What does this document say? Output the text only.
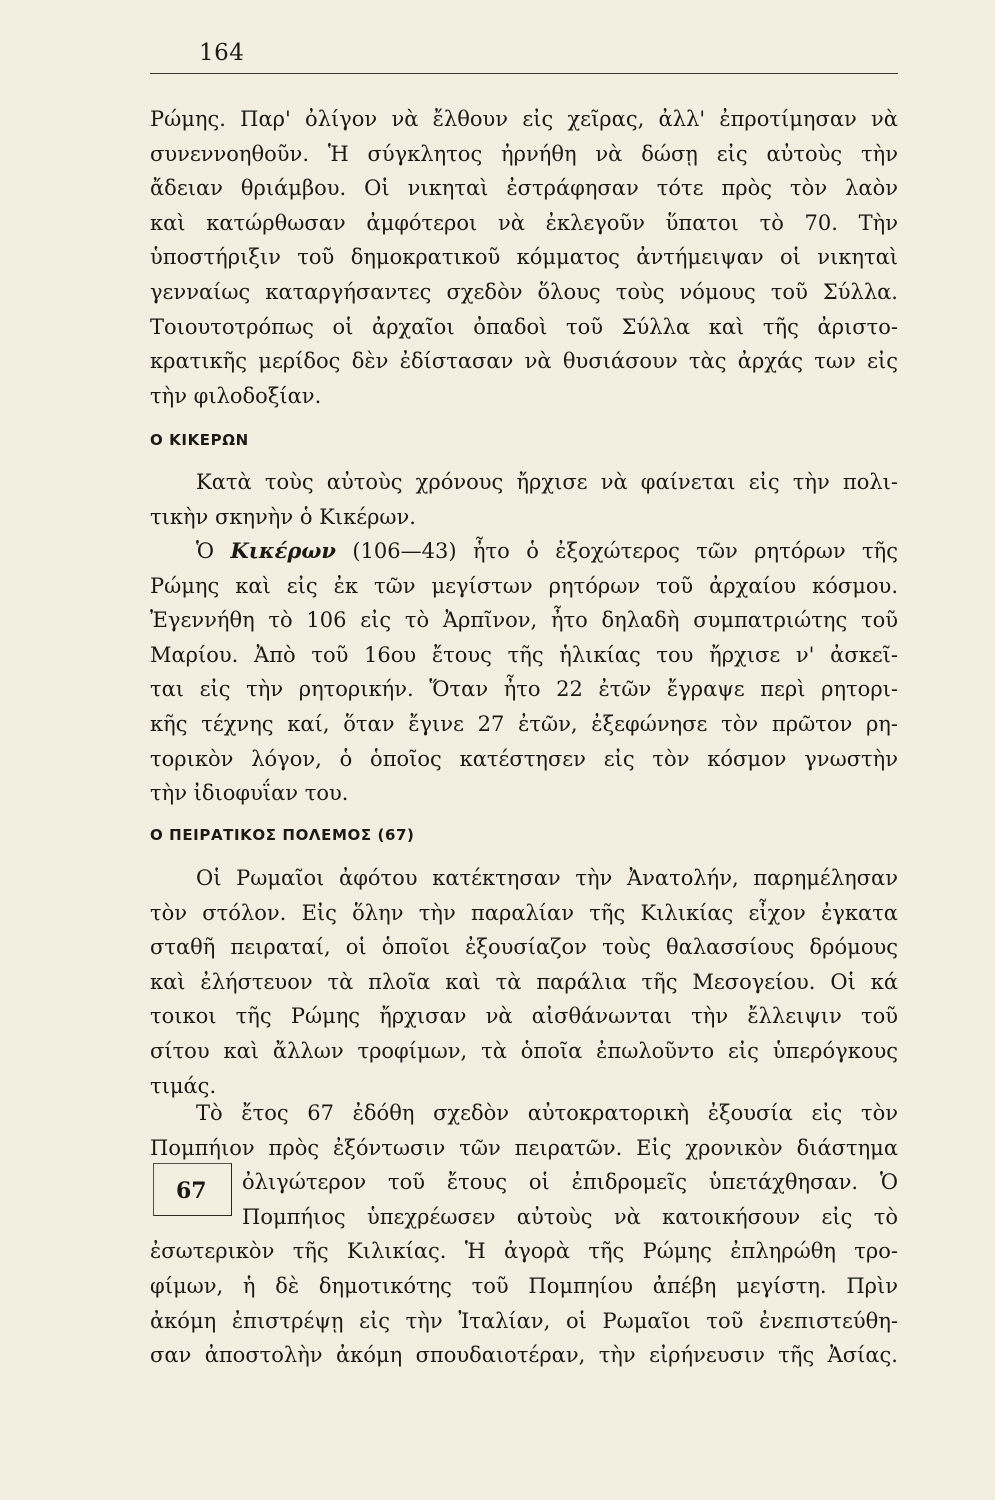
164
Ρώμης. Παρ' ὀλίγον νὰ ἔλθουν εἰς χεῖρας, ἀλλ' ἐπροτίμησαν νὰ
συνεννοηθοῦν. Ἡ σύγκλητος ἠρνήθη νὰ δώσῃ εἰς αὐτοὺς τὴν
ἄδειαν θριάμβου. Οἱ νικηταὶ ἐστράφησαν τότε πρὸς τὸν λαὸν
καὶ κατώρθωσαν ἀμφότεροι νὰ ἐκλεγοῦν ὕπατοι τὸ 70. Τὴν
ὑποστήριξιν τοῦ δημοκρατικοῦ κόμματος ἀντήμειψαν οἱ νικηταὶ
γενναίως καταργήσαντες σχεδὸν ὅλους τοὺς νόμους τοῦ Σύλλα.
Τοιουτοτρόπως οἱ ἀρχαῖοι ὀπαδοὶ τοῦ Σύλλα καὶ τῆς ἀριστο-
κρατικῆς μερίδος δὲν ἐδίστασαν νὰ θυσιάσουν τὰς ἀρχάς των εἰς
τὴν φιλοδοξίαν.
Ο ΚΙΚΕΡΩΝ
Κατὰ τοὺς αὐτοὺς χρόνους ἤρχισε νὰ φαίνεται εἰς τὴν πολι-
τικὴν σκηνὴν ὁ Κικέρων.
Ὁ Κικέρων (106—43) ἦτο ὁ ἐξοχώτερος τῶν ρητόρων τῆς
Ρώμης καὶ εἰς ἐκ τῶν μεγίστων ρητόρων τοῦ ἀρχαίου κόσμου.
Ἐγεννήθη τὸ 106 εἰς τὸ Ἀρπῖνον, ἦτο δηλαδὴ συμπατριώτης τοῦ
Μαρίου. Ἀπὸ τοῦ 16ου ἔτους τῆς ἡλικίας του ἤρχισε ν' ἀσκεῖ-
ται εἰς τὴν ρητορικήν. Ὅταν ἦτο 22 ἐτῶν ἔγραψε περὶ ρητορι-
κῆς τέχνης καί, ὅταν ἔγινε 27 ἐτῶν, ἐξεφώνησε τὸν πρῶτον ρη-
τορικὸν λόγον, ὁ ὁποῖος κατέστησεν εἰς τὸν κόσμον γνωστὴν
τὴν ἰδιοφυΐαν του.
Ο ΠΕΙΡΑΤΙΚΟΣ ΠΟΛΕΜΟΣ (67)
Οἱ Ρωμαῖοι ἀφότου κατέκτησαν τὴν Ἀνατολήν, παρημέλησαν
τὸν στόλον. Εἰς ὅλην τὴν παραλίαν τῆς Κιλικίας εἶχον ἐγκατα
σταθῆ πειραταί, οἱ ὁποῖοι ἐξουσίαζον τοὺς θαλασσίους δρόμους
καὶ ἐλήστευον τὰ πλοῖα καὶ τὰ παράλια τῆς Μεσογείου. Οἱ κά
τοικοι τῆς Ρώμης ἤρχισαν νὰ αἰσθάνωνται τὴν ἔλλειψιν τοῦ
σίτου καὶ ἄλλων τροφίμων, τὰ ὁποῖα ἐπωλοῦντο εἰς ὑπερόγκους
τιμάς.
Τὸ ἔτος 67 ἐδόθη σχεδὸν αὐτοκρατορικὴ ἐξουσία εἰς τὸν
Πομπήιον πρὸς ἐξόντωσιν τῶν πειρατῶν. Εἰς χρονικὸν διάστημα
ὀλιγώτερον τοῦ ἔτους οἱ ἐπιδρομεῖς ὑπετάχθησαν. Ὁ
Πομπήιος ὑπεχρέωσεν αὐτοὺς νὰ κατοικήσουν εἰς τὸ
ἐσωτερικὸν τῆς Κιλικίας. Ἡ ἀγορὰ τῆς Ρώμης ἐπληρώθη τρο-
φίμων, ἡ δὲ δημοτικότης τοῦ Πομπηίου ἀπέβη μεγίστη. Πρὶν
ἀκόμη ἐπιστρέψῃ εἰς τὴν Ἰταλίαν, οἱ Ρωμαῖοι τοῦ ἐνεπιστεύθη-
σαν ἀποστολὴν ἀκόμη σπουδαιοτέραν, τὴν εἰρήνευσιν τῆς Ἀσίας.
67
